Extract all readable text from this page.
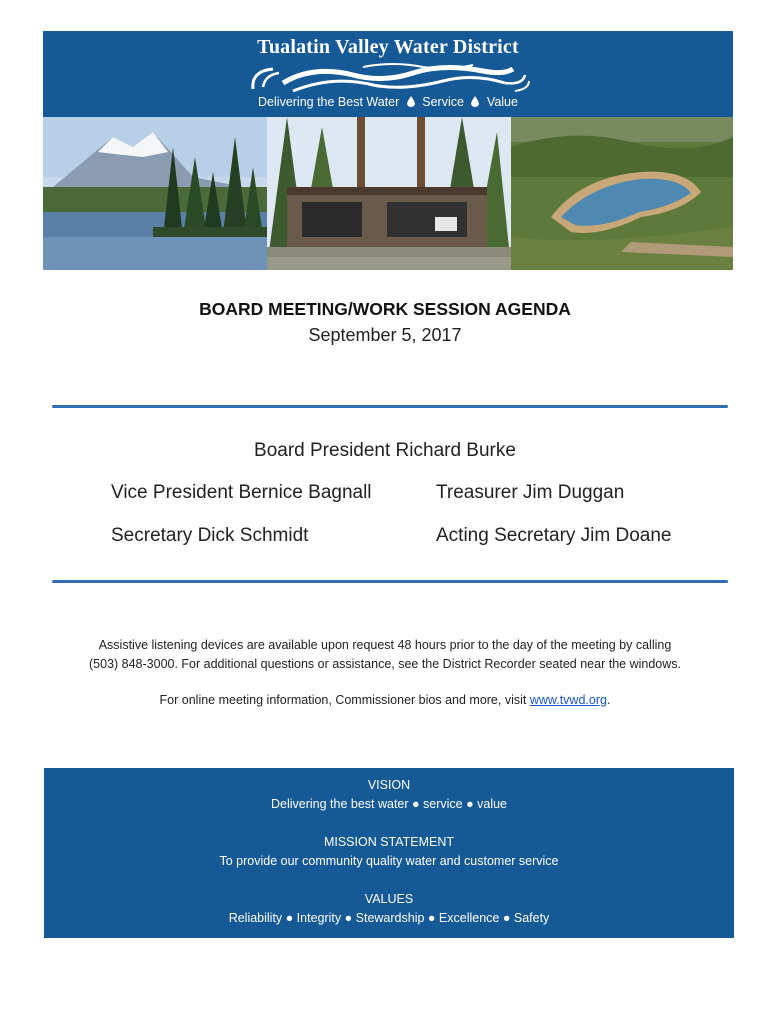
Tualatin Valley Water District
Delivering the Best Water Service Value
BOARD MEETING/WORK SESSION AGENDA
September 5, 2017
Board President Richard Burke
Vice President Bernice Bagnall	Treasurer Jim Duggan
Secretary Dick Schmidt	Acting Secretary Jim Doane
Assistive listening devices are available upon request 48 hours prior to the day of the meeting by calling
(503) 848-3000. For additional questions or assistance, see the District Recorder seated near the windows.
For online meeting information, Commissioner bios and more, visit www.tvwd.org.
VISION
Delivering the best water ● service ● value
MISSION STATEMENT
To provide our community quality water and customer service
VALUES
Reliability ● Integrity ● Stewardship ● Excellence ● Safety
